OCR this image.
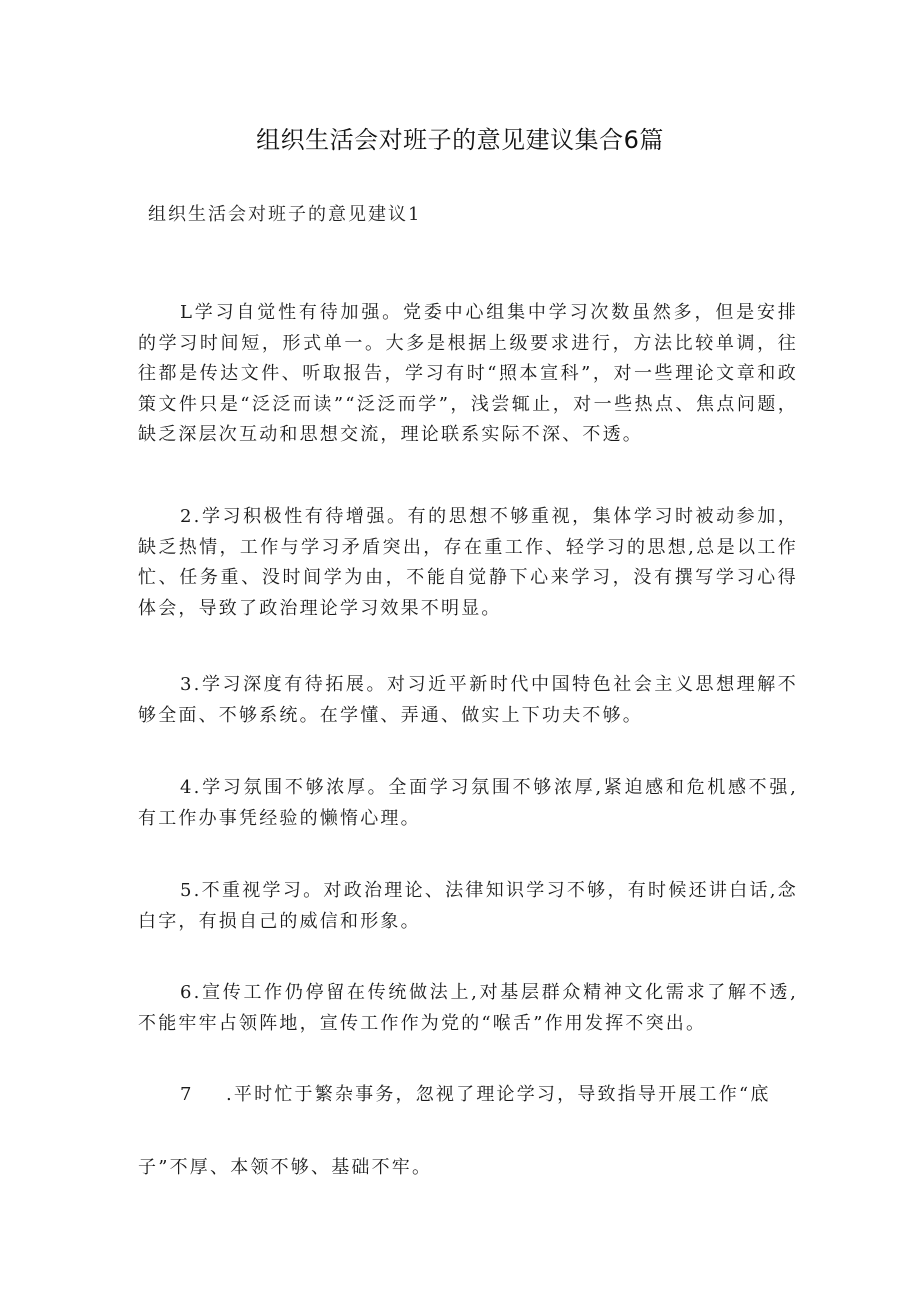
组织生活会对班子的意见建议集合6篇
组织生活会对班子的意见建议1

L学习自觉性有待加强。党委中心组集中学习次数虽然多，但是安排的学习时间短，形式单一。大多是根据上级要求进行，方法比较单调，往往都是传达文件、听取报告，学习有时“照本宣科”，对一些理论文章和政策文件只是“泛泛而读”“泛泛而学”，浅尝辄止，对一些热点、焦点问题，缺乏深层次互动和思想交流，理论联系实际不深、不透。

2.学习积极性有待增强。有的思想不够重视，集体学习时被动参加，缺乏热情，工作与学习矛盾突出，存在重工作、轻学习的思想,总是以工作忙、任务重、没时间学为由，不能自觉静下心来学习，没有撰写学习心得体会，导致了政治理论学习效果不明显。

3.学习深度有待拓展。对习近平新时代中国特色社会主义思想理解不够全面、不够系统。在学懂、弄通、做实上下功夫不够。

4.学习氛围不够浓厚。全面学习氛围不够浓厚,紧迫感和危机感不强,有工作办事凭经验的懒惰心理。

5.不重视学习。对政治理论、法律知识学习不够，有时候还讲白话,念白字，有损自己的威信和形象。

6.宣传工作仍停留在传统做法上,对基层群众精神文化需求了解不透,不能牢牢占领阵地，宣传工作作为党的“喉舌”作用发挥不突出。

7 .平时忙于繁杂事务，忽视了理论学习，导致指导开展工作“底
子”不厚、本领不够、基础不牢。
